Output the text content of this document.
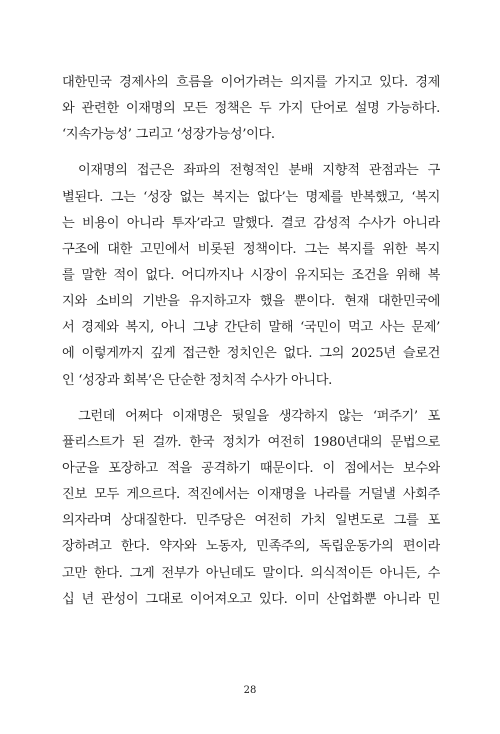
대한민국 경제사의 흐름을 이어가려는 의지를 가지고 있다. 경제
와 관련한 이재명의 모든 정책은 두 가지 단어로 설명 가능하다.
‘지속가능성’ 그리고 ‘성장가능성’이다.
이재명의 접근은 좌파의 전형적인 분배 지향적 관점과는 구
별된다. 그는 ‘성장 없는 복지는 없다’는 명제를 반복했고, ‘복지
는 비용이 아니라 투자’라고 말했다. 결코 감성적 수사가 아니라
구조에 대한 고민에서 비롯된 정책이다. 그는 복지를 위한 복지
를 말한 적이 없다. 어디까지나 시장이 유지되는 조건을 위해 복
지와 소비의 기반을 유지하고자 했을 뿐이다. 현재 대한민국에
서 경제와 복지, 아니 그냥 간단히 말해 ‘국민이 먹고 사는 문제’
에 이렇게까지 깊게 접근한 정치인은 없다. 그의 2025년 슬로건
인 ‘성장과 회복’은 단순한 정치적 수사가 아니다.
그런데 어쩌다 이재명은 뒷일을 생각하지 않는 ‘퍼주기’ 포
퓰리스트가 된 걸까. 한국 정치가 여전히 1980년대의 문법으로
아군을 포장하고 적을 공격하기 때문이다. 이 점에서는 보수와
진보 모두 게으르다. 적진에서는 이재명을 나라를 거덜낼 사회주
의자라며 상대질한다. 민주당은 여전히 가치 일변도로 그를 포
장하려고 한다. 약자와 노동자, 민족주의, 독립운동가의 편이라
고만 한다. 그게 전부가 아닌데도 말이다. 의식적이든 아니든, 수
십 년 관성이 그대로 이어져오고 있다. 이미 산업화뿐 아니라 민
28
